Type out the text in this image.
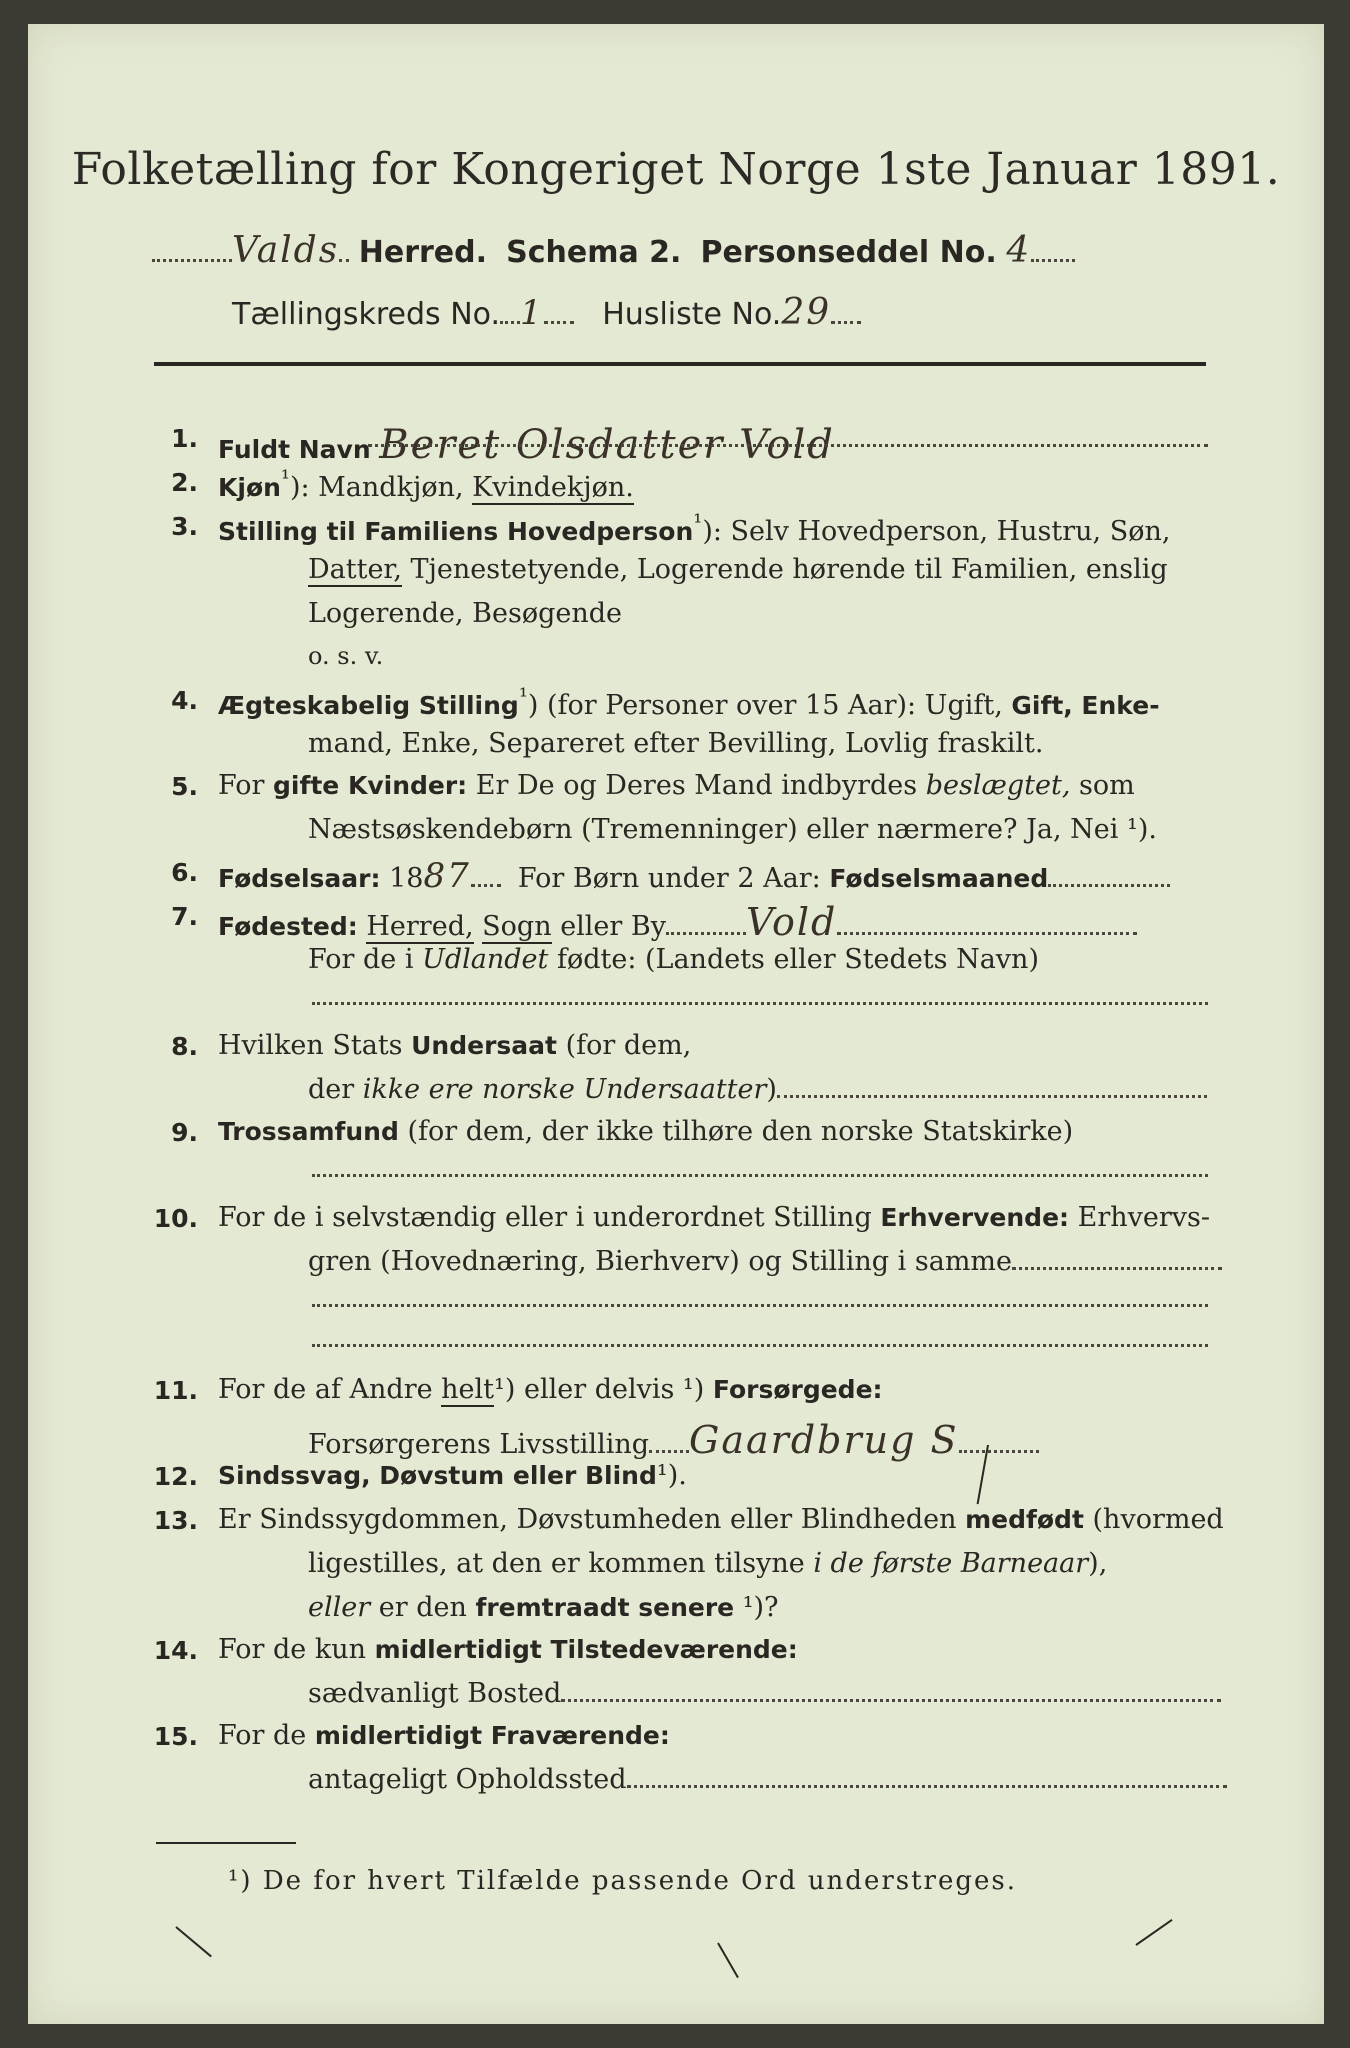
Folketælling for Kongeriget Norge 1ste Januar 1891.
Valds Herred. Schema 2. Personseddel No. 4
Tællingskreds No. 1 Husliste No.29
1. Fuldt Navn Beret Olsdatter Vold
2. Kjøn$^{^1}$): Mandkjøn, Kvindekjøn.
3. Stilling til Familiens Hovedperson$^{^1}$): Selv Hovedperson, Hustru, Søn,
Datter, Tjenestetyende, Logerende hørende til Familien, enslig
Logerende, Besøgende
o. s. v.
4. Ægteskabelig Stilling$^{^1}$) (for Personer over 15 Aar): Ugift, Gift, Enke-
mand, Enke, Separeret efter Bevilling, Lovlig fraskilt.
5. For gifte Kvinder: Er De og Deres Mand indbyrdes beslægtet, som
Næstsøskendebørn (Tremenninger) eller nærmere? Ja, Nei ¹).
6. Fødselsaar: 1887 For Børn under 2 Aar: Fødselsmaaned
7. Fødested: Herred, Sogn eller By Vold
For de i Udlandet fødte: (Landets eller Stedets Navn)
8. Hvilken Stats Undersaat (for dem,
der ikke ere norske Undersaatter)
9. Trossamfund (for dem, der ikke tilhøre den norske Statskirke)
10. For de i selvstændig eller i underordnet Stilling Erhvervende: Erhvervs-
gren (Hovednæring, Bierhverv) og Stilling i samme
11. For de af Andre helt¹) eller delvis ¹) Forsørgede:
Forsørgerens Livsstilling Gaardbrug S
12. Sindssvag, Døvstum eller Blind¹).
13. Er Sindssygdommen, Døvstumheden eller Blindheden medfødt (hvormed
ligestilles, at den er kommen tilsyne i de første Barneaar),
eller er den fremtraadt senere ¹)?
14. For de kun midlertidigt Tilstedeværende:
sædvanligt Bosted
15. For de midlertidigt Fraværende:
antageligt Opholdssted
¹) De for hvert Tilfælde passende Ord understreges.
